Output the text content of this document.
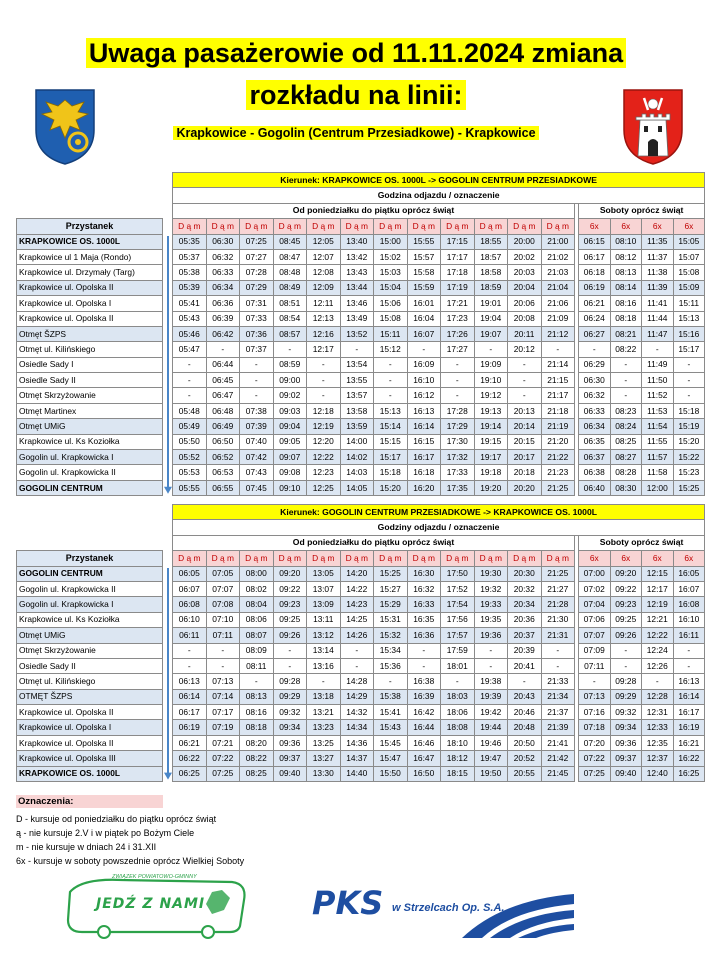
Uwaga pasażerowie od 11.11.2024 zmiana
rozkładu na linii:
Krapkowice - Gogolin (Centrum Przesiadkowe) - Krapkowice
		Kierunek: KRAPKOWICE OS. 1000L -> GOGOLIN CENTRUM PRZESIADKOWE																
		Godzina odjazdu / oznaczenie																
		Od poniedziałku do piątku oprócz świąt													Soboty oprócz świąt			
Przystanek		D ą m	D ą m	D ą m	D ą m	D ą m	D ą m	D ą m	D ą m	D ą m	D ą m	D ą m	D ą m		6x	6x	6x	6x
KRAPKOWICE OS. 1000L		05:35	06:30	07:25	08:45	12:05	13:40	15:00	15:55	17:15	18:55	20:00	21:00		06:15	08:10	11:35	15:05
Krapkowice ul 1 Maja (Rondo)		05:37	06:32	07:27	08:47	12:07	13:42	15:02	15:57	17:17	18:57	20:02	21:02		06:17	08:12	11:37	15:07
Krapkowice ul. Drzymały (Targ)		05:38	06:33	07:28	08:48	12:08	13:43	15:03	15:58	17:18	18:58	20:03	21:03		06:18	08:13	11:38	15:08
Krapkowice ul. Opolska II		05:39	06:34	07:29	08:49	12:09	13:44	15:04	15:59	17:19	18:59	20:04	21:04		06:19	08:14	11:39	15:09
Krapkowice ul. Opolska I		05:41	06:36	07:31	08:51	12:11	13:46	15:06	16:01	17:21	19:01	20:06	21:06		06:21	08:16	11:41	15:11
Krapkowice ul. Opolska II		05:43	06:39	07:33	08:54	12:13	13:49	15:08	16:04	17:23	19:04	20:08	21:09		06:24	08:18	11:44	15:13
Otmęt ŠZPS		05:46	06:42	07:36	08:57	12:16	13:52	15:11	16:07	17:26	19:07	20:11	21:12		06:27	08:21	11:47	15:16
Otmęt ul. Kilińskiego		05:47	-	07:37	-	12:17	-	15:12	-	17:27	-	20:12	-		-	08:22	-	15:17
Osiedle Sady I		-	06:44	-	08:59	-	13:54	-	16:09	-	19:09	-	21:14		06:29	-	11:49	-
Osiedle Sady II		-	06:45	-	09:00	-	13:55	-	16:10	-	19:10	-	21:15		06:30	-	11:50	-
Otmęt Skrzyżowanie		-	06:47	-	09:02	-	13:57	-	16:12	-	19:12	-	21:17		06:32	-	11:52	-
Otmęt Martinex		05:48	06:48	07:38	09:03	12:18	13:58	15:13	16:13	17:28	19:13	20:13	21:18		06:33	08:23	11:53	15:18
Otmęt UMiG		05:49	06:49	07:39	09:04	12:19	13:59	15:14	16:14	17:29	19:14	20:14	21:19		06:34	08:24	11:54	15:19
Krapkowice ul. Ks Koziołka		05:50	06:50	07:40	09:05	12:20	14:00	15:15	16:15	17:30	19:15	20:15	21:20		06:35	08:25	11:55	15:20
Gogolin ul. Krapkowicka I		05:52	06:52	07:42	09:07	12:22	14:02	15:17	16:17	17:32	19:17	20:17	21:22		06:37	08:27	11:57	15:22
Gogolin ul. Krapkowicka II		05:53	06:53	07:43	09:08	12:23	14:03	15:18	16:18	17:33	19:18	20:18	21:23		06:38	08:28	11:58	15:23
GOGOLIN CENTRUM		05:55	06:55	07:45	09:10	12:25	14:05	15:20	16:20	17:35	19:20	20:20	21:25		06:40	08:30	12:00	15:25
		Kierunek: GOGOLIN CENTRUM PRZESIADKOWE -> KRAPKOWICE OS. 1000L																
		Godziny odjazdu / oznaczenie																
		Od poniedziałku do piątku oprócz świąt													Soboty oprócz świąt			
Przystanek		D ą m	D ą m	D ą m	D ą m	D ą m	D ą m	D ą m	D ą m	D ą m	D ą m	D ą m	D ą m		6x	6x	6x	6x
GOGOLIN CENTRUM		06:05	07:05	08:00	09:20	13:05	14:20	15:25	16:30	17:50	19:30	20:30	21:25		07:00	09:20	12:15	16:05
Gogolin ul. Krapkowicka II		06:07	07:07	08:02	09:22	13:07	14:22	15:27	16:32	17:52	19:32	20:32	21:27		07:02	09:22	12:17	16:07
Gogolin ul. Krapkowicka I		06:08	07:08	08:04	09:23	13:09	14:23	15:29	16:33	17:54	19:33	20:34	21:28		07:04	09:23	12:19	16:08
Krapkowice ul. Ks Koziołka		06:10	07:10	08:06	09:25	13:11	14:25	15:31	16:35	17:56	19:35	20:36	21:30		07:06	09:25	12:21	16:10
Otmęt UMiG		06:11	07:11	08:07	09:26	13:12	14:26	15:32	16:36	17:57	19:36	20:37	21:31		07:07	09:26	12:22	16:11
Otmęt Skrzyżowanie		-	-	08:09	-	13:14	-	15:34	-	17:59	-	20:39	-		07:09	-	12:24	-
Osiedle Sady II		-	-	08:11	-	13:16	-	15:36	-	18:01	-	20:41	-		07:11	-	12:26	-
Otmęt ul. Kilińskiego		06:13	07:13	-	09:28	-	14:28	-	16:38	-	19:38	-	21:33		-	09:28	-	16:13
OTMĘT ŠZPS		06:14	07:14	08:13	09:29	13:18	14:29	15:38	16:39	18:03	19:39	20:43	21:34		07:13	09:29	12:28	16:14
Krapkowice ul. Opolska II		06:17	07:17	08:16	09:32	13:21	14:32	15:41	16:42	18:06	19:42	20:46	21:37		07:16	09:32	12:31	16:17
Krapkowice ul. Opolska I		06:19	07:19	08:18	09:34	13:23	14:34	15:43	16:44	18:08	19:44	20:48	21:39		07:18	09:34	12:33	16:19
Krapkowice ul. Opolska II		06:21	07:21	08:20	09:36	13:25	14:36	15:45	16:46	18:10	19:46	20:50	21:41		07:20	09:36	12:35	16:21
Krapkowice ul. Opolska III		06:22	07:22	08:22	09:37	13:27	14:37	15:47	16:47	18:12	19:47	20:52	21:42		07:22	09:37	12:37	16:22
KRAPKOWICE OS. 1000L		06:25	07:25	08:25	09:40	13:30	14:40	15:50	16:50	18:15	19:50	20:55	21:45		07:25	09:40	12:40	16:25
Oznaczenia:
D - kursuje od poniedziałku do piątku oprócz świąt
ą - nie kursuje 2.V i w piątek po Bożym Ciele
m - nie kursuje w dniach 24 i 31.XII
6x - kursuje w soboty powszednie oprócz Wielkiej Soboty
ZWIĄZEK POWIATOWO-GMINNY
JEDŹ Z NAMI	PKS w Strzelcach Op. S.A.
